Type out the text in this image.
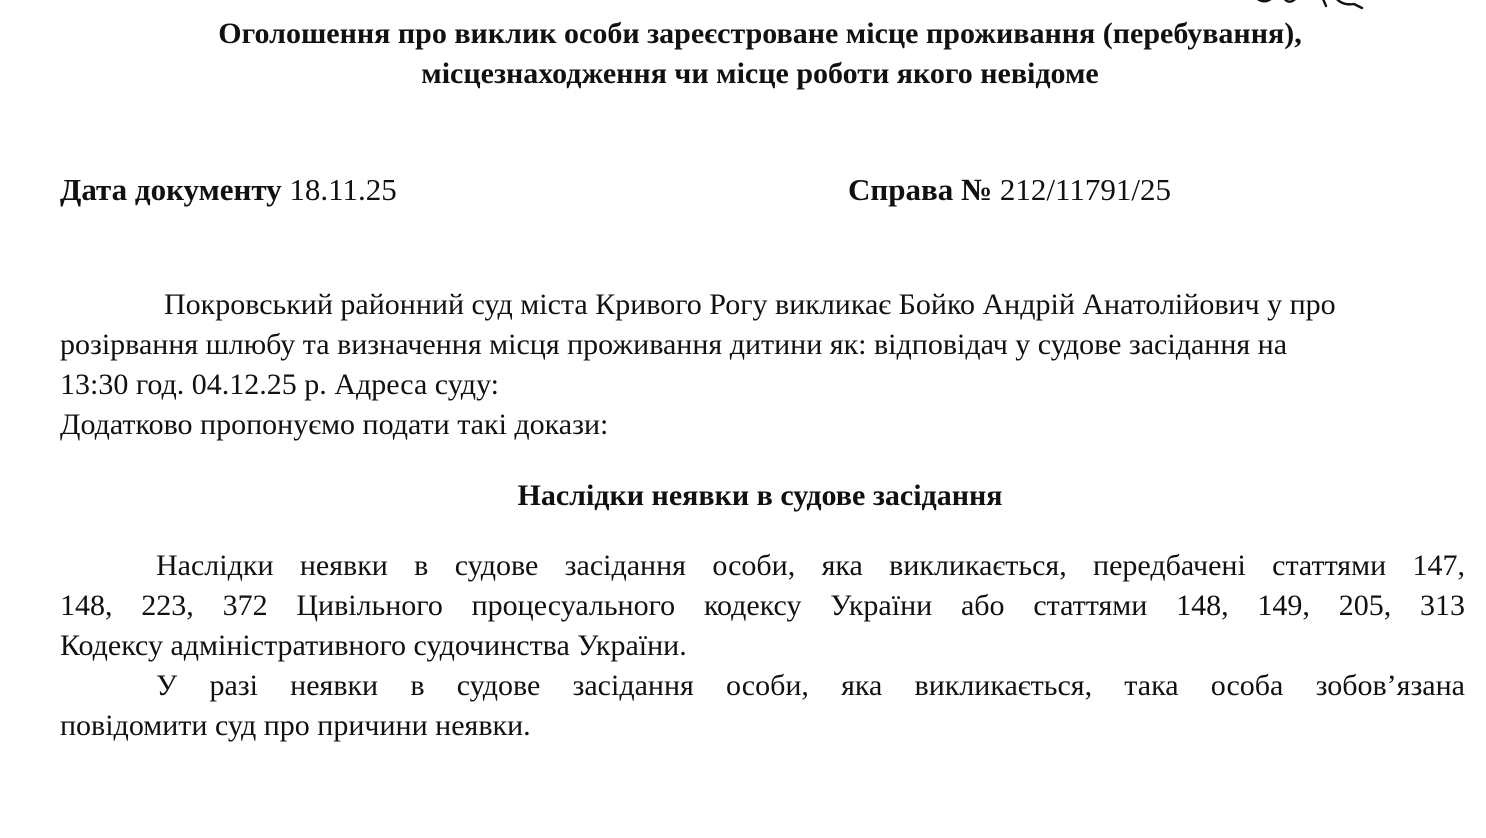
Оголошення про виклик особи зареєстроване місце проживання (перебування),
місцезнаходження чи місце роботи якого невідоме
Дата документу 18.11.25	Справа № 212/11791/25
Покровський районний суд міста Кривого Рогу викликає Бойко Андрій Анатолійович у про
розірвання шлюбу та визначення місця проживання дитини як: відповідач у судове засідання на
13:30 год. 04.12.25 р. Адреса суду:
Додатково пропонуємо подати такі докази:
Наслідки неявки в судове засідання
Наслідки неявки в судове засідання особи, яка викликається, передбачені статтями 147,
148, 223, 372 Цивільного процесуального кодексу України або статтями 148, 149, 205, 313
Кодексу адміністративного судочинства України.
У разі неявки в судове засідання особи, яка викликається, така особа зобов’язана
повідомити суд про причини неявки.
